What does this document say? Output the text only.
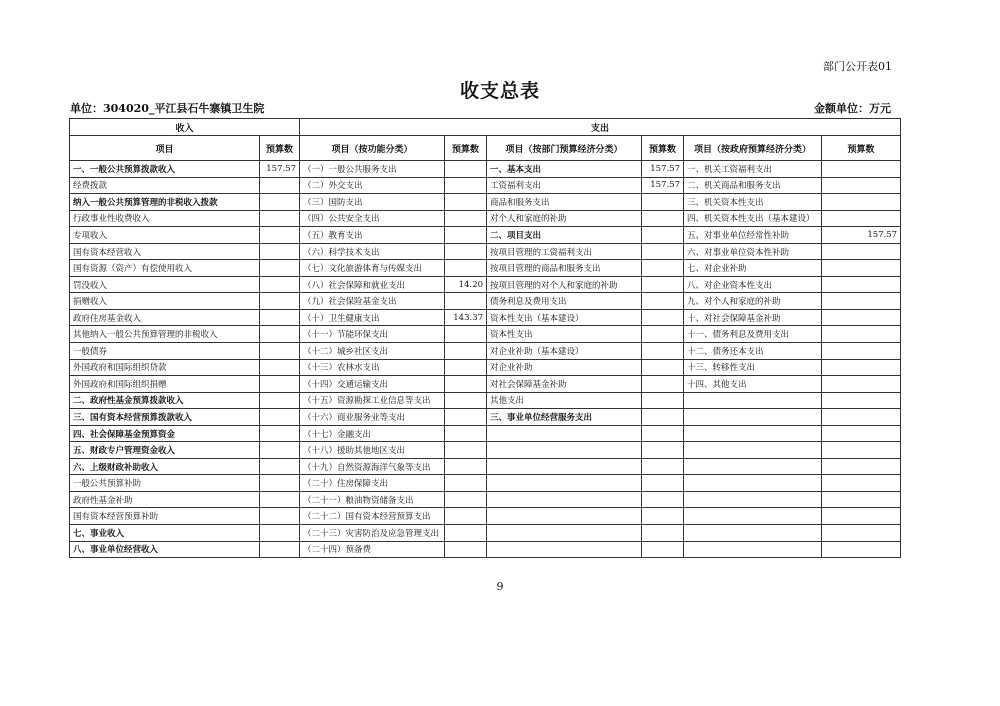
部门公开表01
收支总表
单位：304020_平江县石牛寨镇卫生院	金额单位：万元
收入		支出					
项目	预算数	项目（按功能分类）	预算数	项目（按部门预算经济分类）	预算数	项目（按政府预算经济分类）	预算数
一、一般公共预算拨款收入	157.57	（一）一般公共服务支出		一、基本支出	157.57	一、机关工资福利支出	
经费拨款		（二）外交支出		工资福利支出	157.57	二、机关商品和服务支出	
纳入一般公共预算管理的非税收入拨款		（三）国防支出		商品和服务支出		三、机关资本性支出	
行政事业性收费收入		（四）公共安全支出		对个人和家庭的补助		四、机关资本性支出（基本建设）	
专项收入		（五）教育支出		二、项目支出		五、对事业单位经常性补助	157.57
国有资本经营收入		（六）科学技术支出		按项目管理的工资福利支出		六、对事业单位资本性补助	
国有资源（资产）有偿使用收入		（七）文化旅游体育与传媒支出		按项目管理的商品和服务支出		七、对企业补助	
罚没收入		（八）社会保障和就业支出	14.20	按项目管理的对个人和家庭的补助		八、对企业资本性支出	
捐赠收入		（九）社会保险基金支出		债务利息及费用支出		九、对个人和家庭的补助	
政府住房基金收入		（十）卫生健康支出	143.37	资本性支出（基本建设）		十、对社会保障基金补助	
其他纳入一般公共预算管理的非税收入		（十一）节能环保支出		资本性支出		十一、债务利息及费用支出	
一般债券		（十二）城乡社区支出		对企业补助（基本建设）		十二、债务还本支出	
外国政府和国际组织贷款		（十三）农林水支出		对企业补助		十三、转移性支出	
外国政府和国际组织捐赠		（十四）交通运输支出		对社会保障基金补助		十四、其他支出	
二、政府性基金预算拨款收入		（十五）资源勘探工业信息等支出		其他支出			
三、国有资本经营预算拨款收入		（十六）商业服务业等支出		三、事业单位经营服务支出			
四、社会保障基金预算资金		（十七）金融支出					
五、财政专户管理资金收入		（十八）援助其他地区支出					
六、上级财政补助收入		（十九）自然资源海洋气象等支出					
一般公共预算补助		（二十）住房保障支出					
政府性基金补助		（二十一）粮油物资储备支出					
国有资本经营预算补助		（二十二）国有资本经营预算支出					
七、事业收入		（二十三）灾害防治及应急管理支出					
八、事业单位经营收入		（二十四）预备费					
9
